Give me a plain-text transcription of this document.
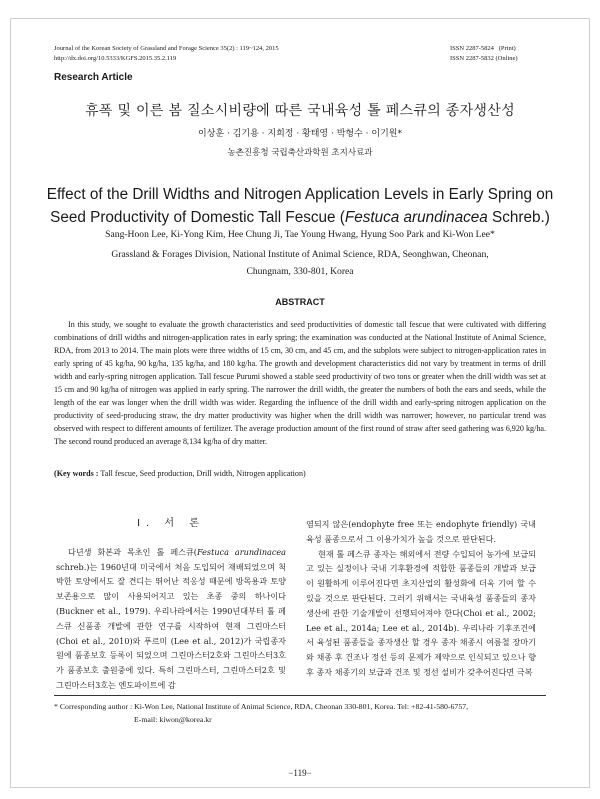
Journal of the Korean Society of Grassland and Forage Science 35(2) : 119~124, 2015
http://dx.doi.org/10.5333/KGFS.2015.35.2.119
ISSN 2287-5824   (Print)
ISSN 2287-5832 (Online)
Research Article
휴폭 및 이른 봄 질소시비량에 따른 국내육성 톨 페스큐의 종자생산성
이상훈 · 김기용 · 지희정 · 황태영 · 박형수 · 이기원*
농촌진흥청 국립축산과학원 초지사료과
Effect of the Drill Widths and Nitrogen Application Levels in Early Spring on
Seed Productivity of Domestic Tall Fescue (Festuca arundinacea Schreb.)
Sang-Hoon Lee, Ki-Yong Kim, Hee Chung Ji, Tae Young Hwang, Hyung Soo Park and Ki-Won Lee*
Grassland & Forages Division, National Institute of Animal Science, RDA, Seonghwan, Cheonan,
Chungnam, 330-801, Korea
ABSTRACT
In this study, we sought to evaluate the growth characteristics and seed productivities of domestic tall fescue that were cultivated with differing combinations of drill widths and nitrogen-application rates in early spring; the examination was conducted at the National Institute of Animal Science, RDA, from 2013 to 2014. The main plots were three widths of 15 cm, 30 cm, and 45 cm, and the subplots were subject to nitrogen-application rates in early spring of 45 kg/ha, 90 kg/ha, 135 kg/ha, and 180 kg/ha. The growth and development characteristics did not vary by treatment in terms of drill width and early-spring nitrogen application. Tall fescue Purumi showed a stable seed productivity of two tons or greater when the drill width was set at 15 cm and 90 kg/ha of nitrogen was applied in early spring. The narrower the drill width, the greater the numbers of both the ears and seeds, while the length of the ear was longer when the drill width was wider. Regarding the influence of the drill width and early-spring nitrogen application on the productivity of seed-producing straw, the dry matter productivity was higher when the drill width was narrower; however, no particular trend was observed with respect to different amounts of fertilizer. The average production amount of the first round of straw after seed gathering was 6,920 kg/ha. The second round produced an average 8,134 kg/ha of dry matter.
(Key words : Tall fescue, Seed production, Drill width, Nitrogen application)
Ⅰ. 서 론

다년생 화본과 목초인 톨 페스큐(Festuca arundinacea schreb.)는 1960년대 미국에서 처음 도입되어 재배되었으며 척박한 토양에서도 잘 견디는 뛰어난 적응성 때문에 방목용과 토양보존용으로 많이 사용되어지고 있는 초종 중의 하나이다(Buckner et al., 1979). 우리나라에서는 1990년대부터 톨 페스큐 신품종 개발에 관한 연구를 시작하여 현재 그린마스터 (Choi et al., 2010)와 푸르미 (Lee et al., 2012)가 국립종자원에 품종보호 등록이 되었으며 그린마스터2호와 그린마스터3호가 품종보호 출원중에 있다. 특히 그린마스터, 그린마스터2호 및 그린마스터3호는 엔도파이트에 감

염되지 않은(endophyte free 또는 endophyte friendly) 국내육성 품종으로서 그 이용가치가 높을 것으로 판단된다.

현재 톨 페스큐 종자는 해외에서 전량 수입되어 농가에 보급되고 있는 실정이나 국내 기후환경에 적합한 품종들의 개발과 보급이 원활하게 이루어진다면 초지산업의 활성화에 더욱 기여 할 수 있을 것으로 판단된다. 그러기 위해서는 국내육성 품종들의 종자생산에 관한 기술개발이 선행되어져야 한다(Choi et al., 2002; Lee et al., 2014a; Lee et al., 2014b). 우리나라 기후조건에서 육성된 품종들을 종자생산 할 경우 종자 채종시 여름철 장마기와 채종 후 건조나 정선 등의 문제가 제약으로 인식되고 있으나 향후 종자 채종기의 보급과 건조 및 정선 설비가 갖추어진다면 극복

* Corresponding author : Ki-Won Lee, National Institute of Animal Science, RDA, Cheonan 330-801, Korea. Tel: +82-41-580-6757,
E-mail: kiwon@korea.kr
−119−
